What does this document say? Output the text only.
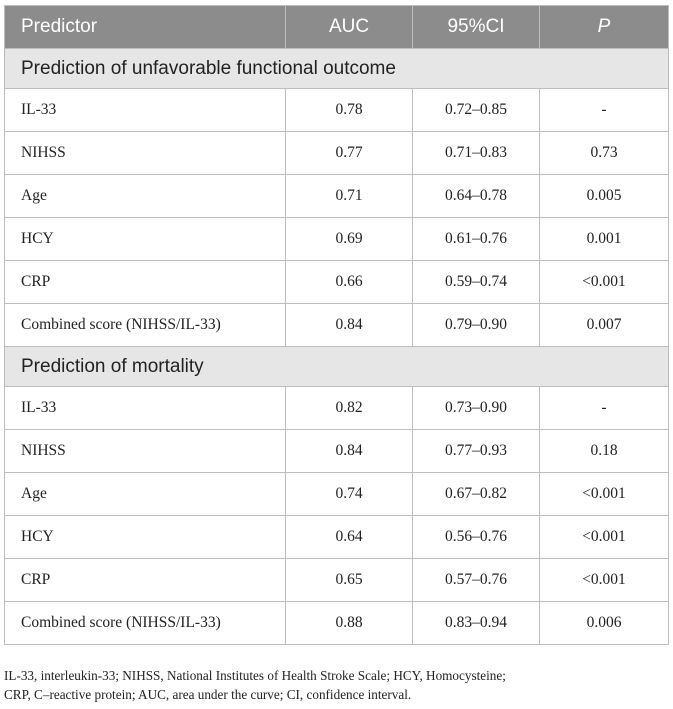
Predictor	AUC	95%CI	P
Prediction of unfavorable functional outcome			
IL-33	0.78	0.72–0.85	-
NIHSS	0.77	0.71–0.83	0.73
Age	0.71	0.64–0.78	0.005
HCY	0.69	0.61–0.76	0.001
CRP	0.66	0.59–0.74	<0.001
Combined score (NIHSS/IL-33)	0.84	0.79–0.90	0.007
Prediction of mortality			
IL-33	0.82	0.73–0.90	-
NIHSS	0.84	0.77–0.93	0.18
Age	0.74	0.67–0.82	<0.001
HCY	0.64	0.56–0.76	<0.001
CRP	0.65	0.57–0.76	<0.001
Combined score (NIHSS/IL-33)	0.88	0.83–0.94	0.006
IL-33, interleukin-33; NIHSS, National Institutes of Health Stroke Scale; HCY, Homocysteine;
CRP, C–reactive protein; AUC, area under the curve; CI, confidence interval.
